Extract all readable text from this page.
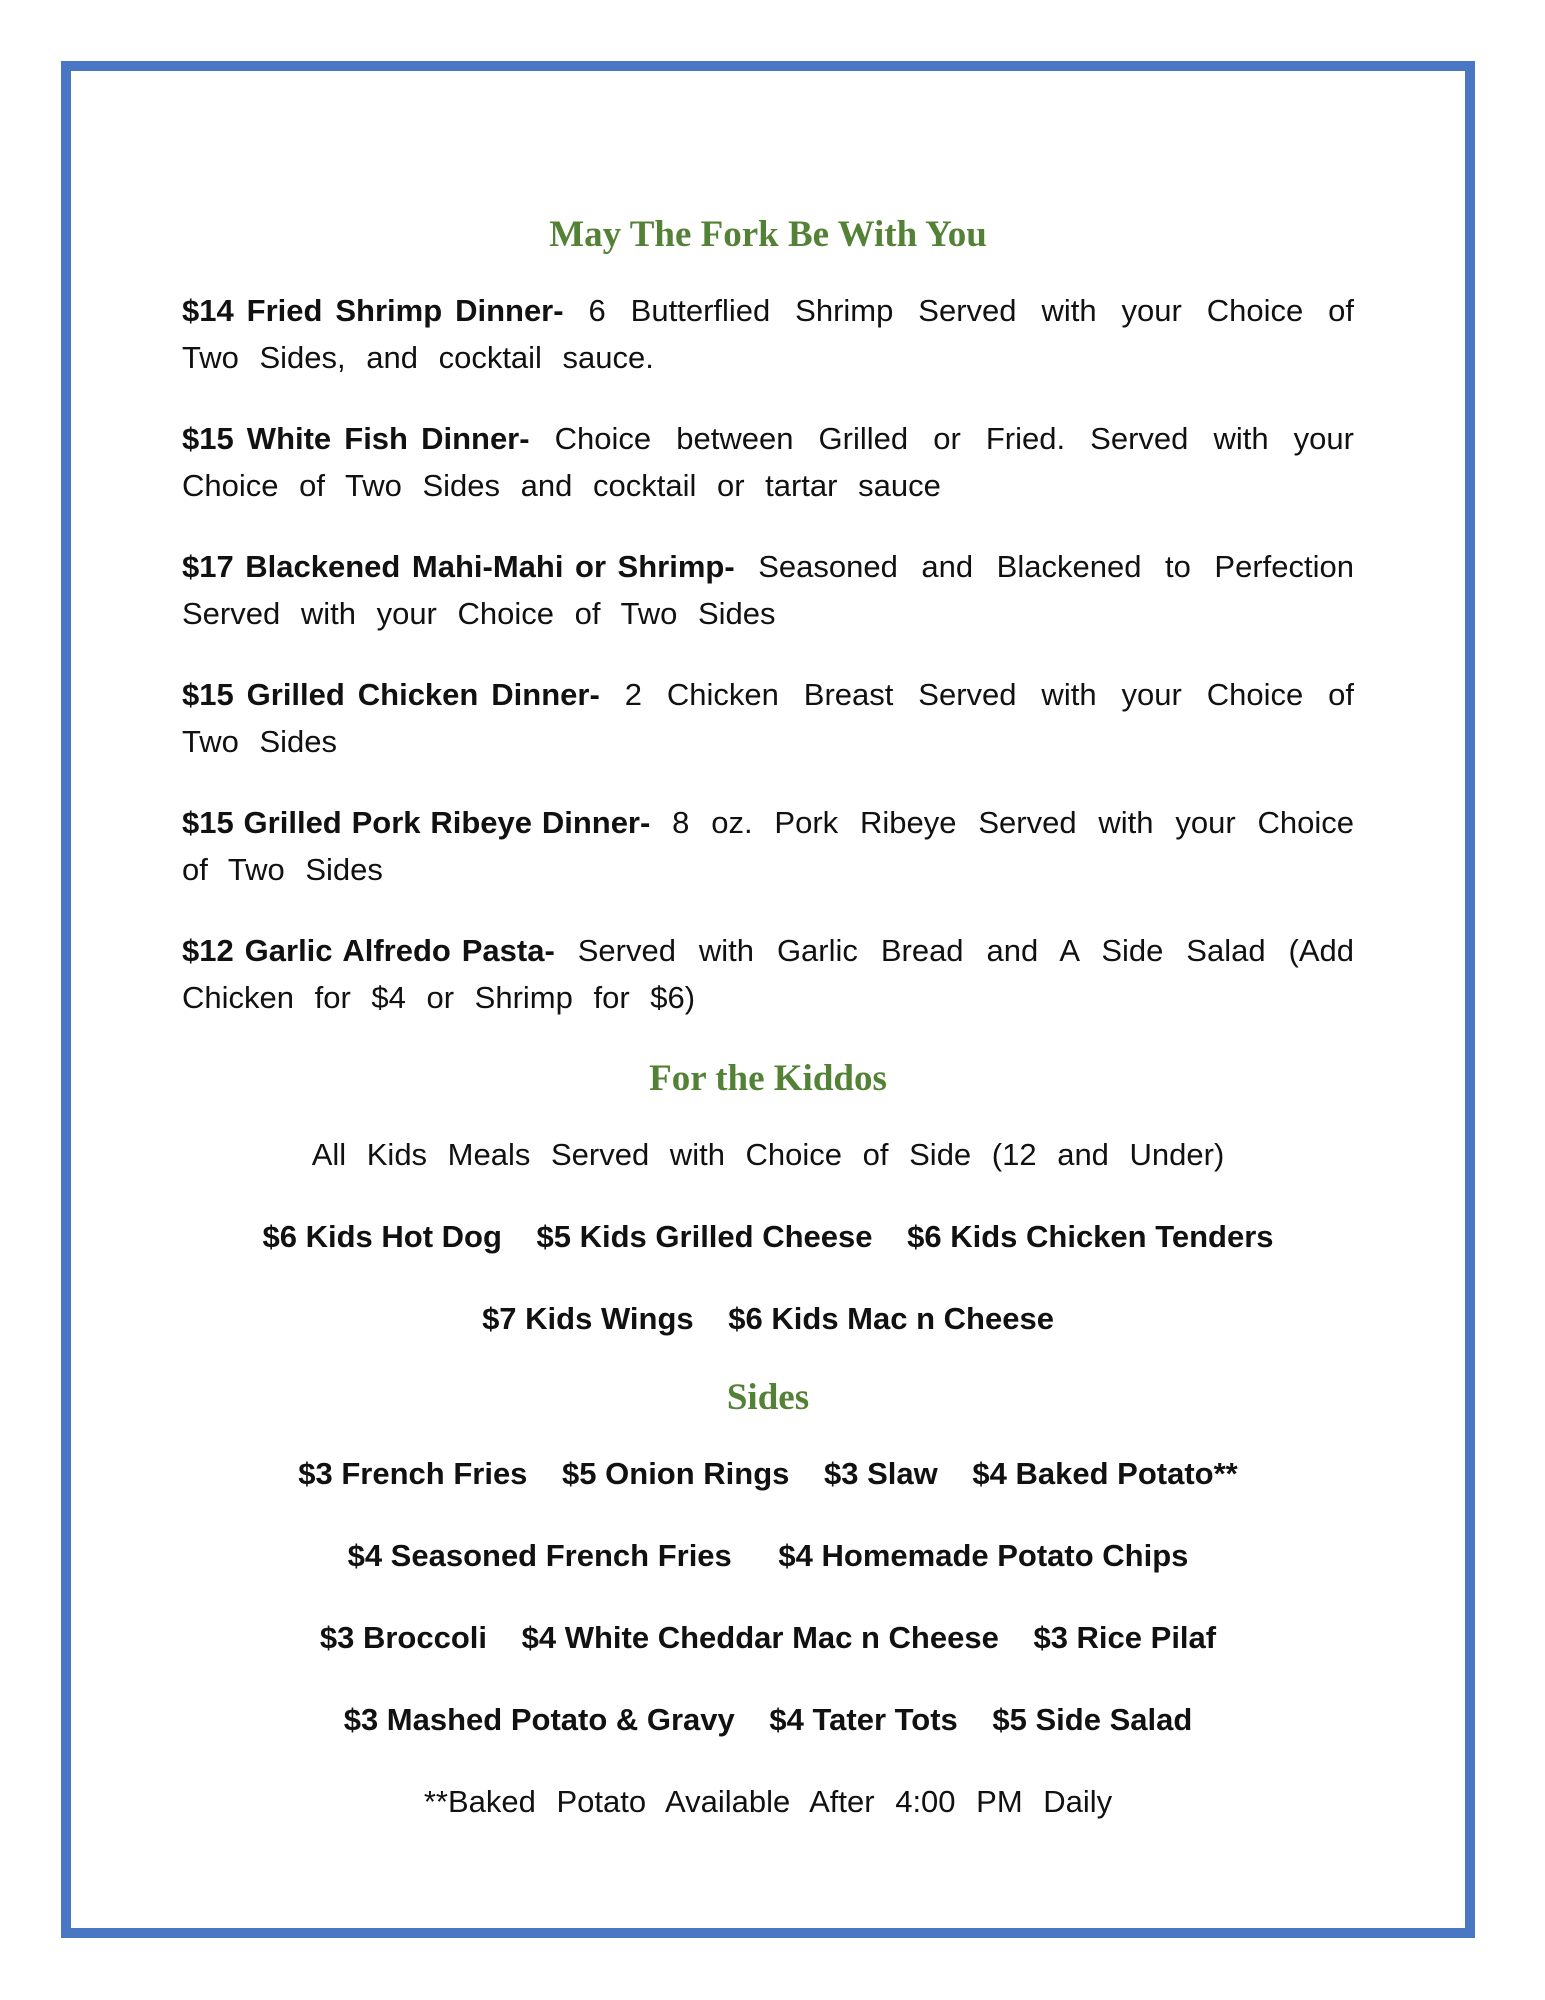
May The Fork Be With You

$14 Fried Shrimp Dinner- 6 Butterflied Shrimp Served with your Choice of Two Sides, and cocktail sauce.

$15 White Fish Dinner- Choice between Grilled or Fried. Served with your Choice of Two Sides and cocktail or tartar sauce

$17 Blackened Mahi-Mahi or Shrimp- Seasoned and Blackened to Perfection Served with your Choice of Two Sides

$15 Grilled Chicken Dinner- 2 Chicken Breast Served with your Choice of Two Sides

$15 Grilled Pork Ribeye Dinner- 8 oz. Pork Ribeye Served with your Choice of Two Sides

$12 Garlic Alfredo Pasta- Served with Garlic Bread and A Side Salad (Add Chicken for $4 or Shrimp for $6)

For the Kiddos

All Kids Meals Served with Choice of Side (12 and Under)

$6 Kids Hot Dog $5 Kids Grilled Cheese $6 Kids Chicken Tenders

$7 Kids Wings $6 Kids Mac n Cheese

Sides

$3 French Fries $5 Onion Rings $3 Slaw $4 Baked Potato**

$4 Seasoned French Fries $4 Homemade Potato Chips

$3 Broccoli $4 White Cheddar Mac n Cheese $3 Rice Pilaf

$3 Mashed Potato & Gravy $4 Tater Tots $5 Side Salad

**Baked Potato Available After 4:00 PM Daily
